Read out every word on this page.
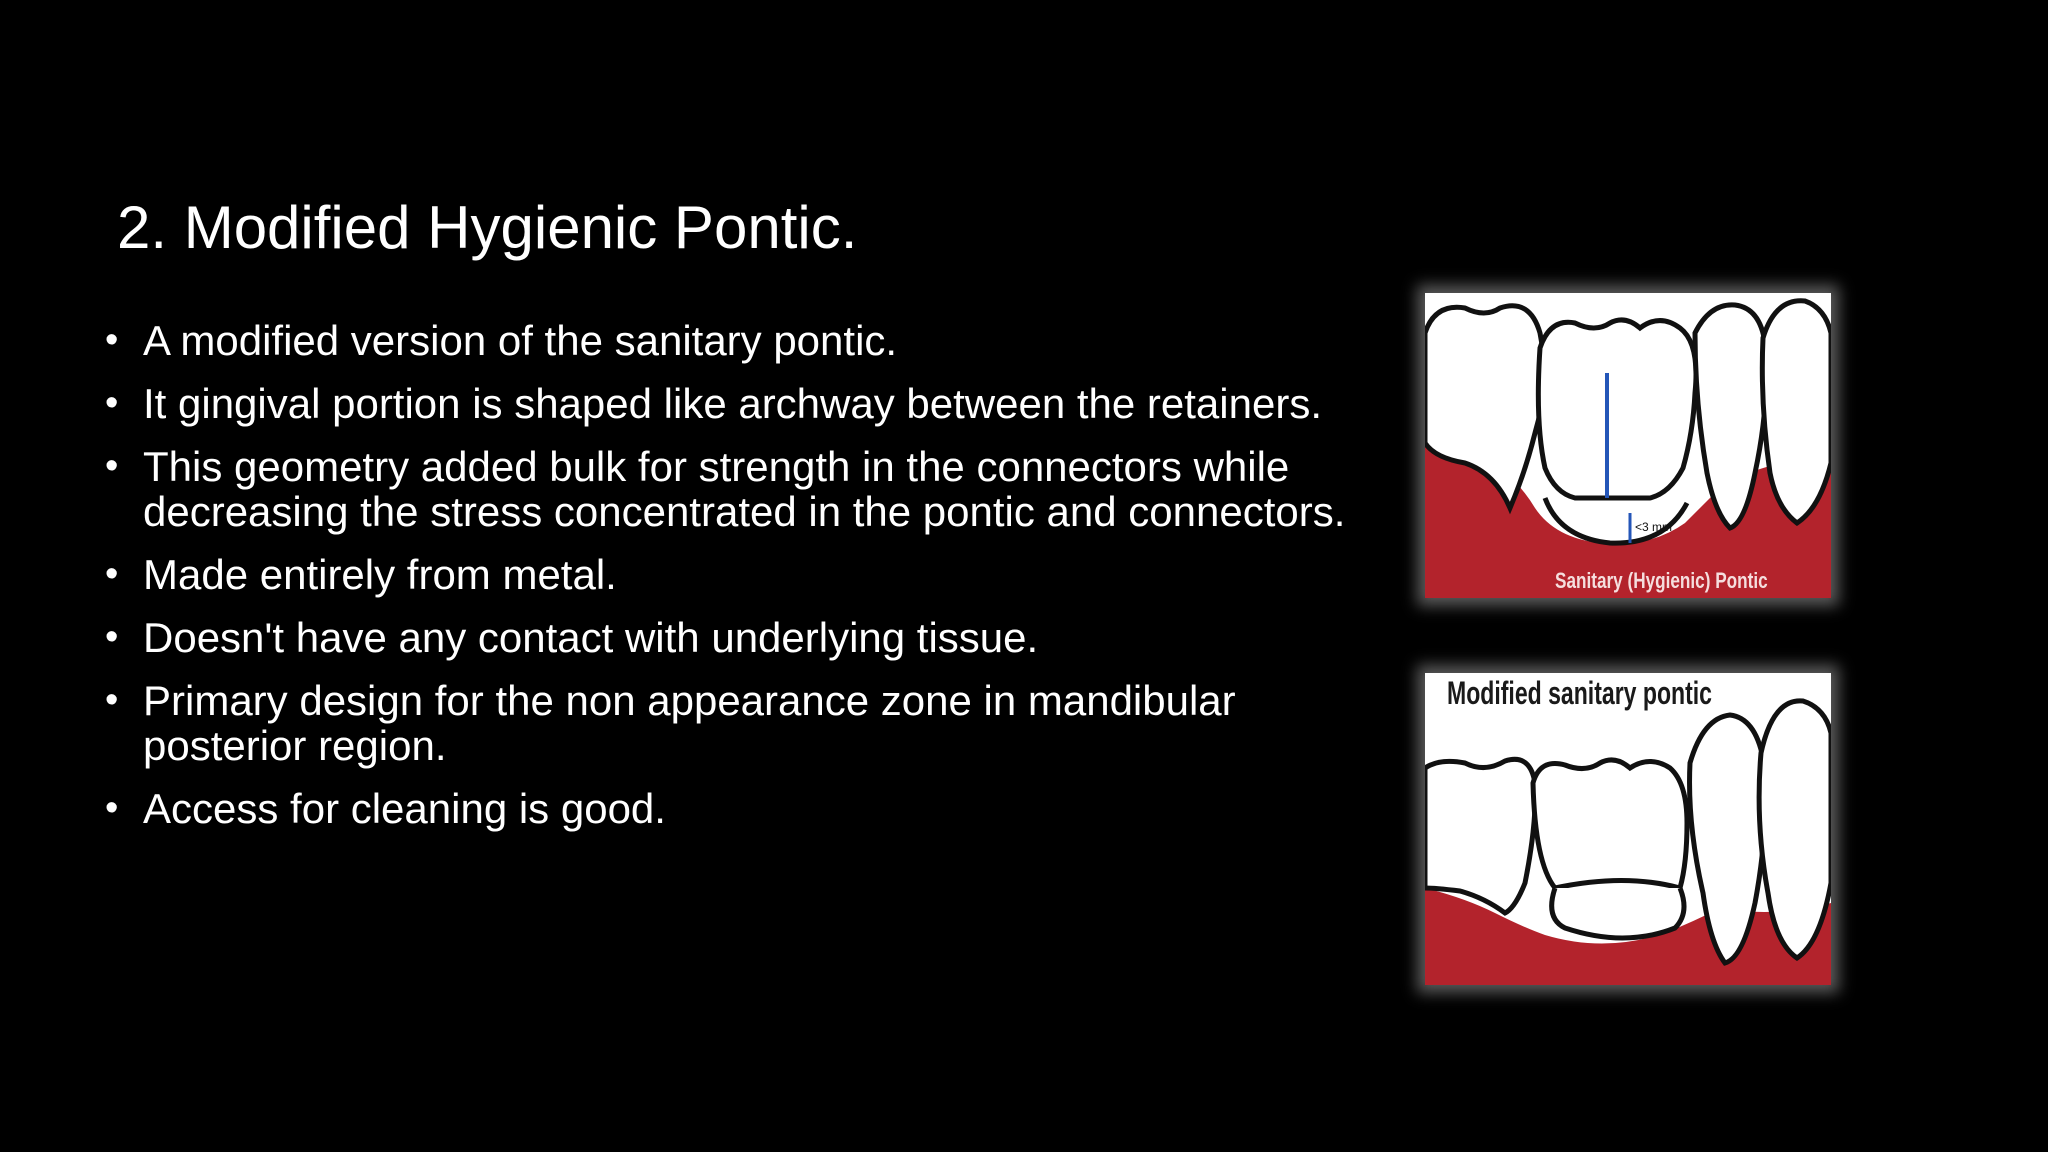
2. Modified Hygienic Pontic.
• A modified version of the sanitary pontic.
• It gingival portion is shaped like archway between the retainers.
• This geometry added bulk for strength in the connectors while decreasing the stress concentrated in the pontic and connectors.
• Made entirely from metal.
• Doesn't have any contact with underlying tissue.
• Primary design for the non appearance zone in mandibular posterior region.
• Access for cleaning is good.
<3 mm
Sanitary (Hygienic) Pontic
Modified sanitary pontic
